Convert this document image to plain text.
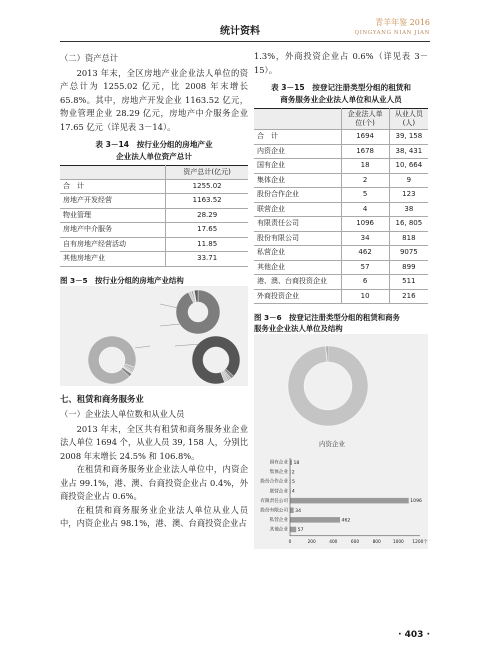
统计资料
青羊年鉴 2016
QINGYANG NIAN JIAN

（二）资产总计

2013 年末，全区房地产业企业法人单位的资产总计为 1255.02 亿元，比 2008 年末增长 65.8%。其中，房地产开发企业 1163.52 亿元，物业管理企业 28.29 亿元，房地产中介服务企业 17.65 亿元（详见表 3－14）。

表 3－14　按行业分组的房地产业
企业法人单位资产总计
	资产总计(亿元)
合　计	1255.02
房地产开发经营	1163.52
物业管理	28.29
房地产中介服务	17.65
自有房地产经营活动	11.85
其他房地产业	33.71
图 3－5　按行业分组的房地产业结构
七、租赁和商务服务业

（一）企业法人单位数和从业人员

2013 年末，全区共有租赁和商务服务业企业法人单位 1694 个，从业人员 39, 158 人，分别比 2008 年末增长 24.5% 和 106.8%。

在租赁和商务服务业企业法人单位中，内资企业占 99.1%，港、澳、台商投资企业占 0.4%，外商投资企业占 0.6%。

在租赁和商务服务业企业法人单位从业人员中，内资企业占 98.1%，港、澳、台商投资企业占

1.3%，外商投资企业占 0.6%（详见表 3－15）。

表 3－15　按登记注册类型分组的租赁和
商务服务业企业法人单位和从业人员
	企业法人单位(个)	从业人员(人)
合　计	1694	39, 158
内资企业	1678	38, 431
国有企业	18	10, 664
集体企业	2	9
股份合作企业	5	123
联营企业	4	38
有限责任公司	1096	16, 805
股份有限公司	34	818
私营企业	462	9075
其他企业	57	899
港、澳、台商投资企业	6	511
外商投资企业	10	216
图 3－6　按登记注册类型分组的租赁和商务
服务业企业法人单位及结构
内资企业
国有企业 18
集体企业 2
股份合作企业 5
联营企业 4
有限责任公司	1096
股份有限公司 34
私营企业	462
其他企业 57
0	200	400	600	800	1000 1200个
· 403 ·
